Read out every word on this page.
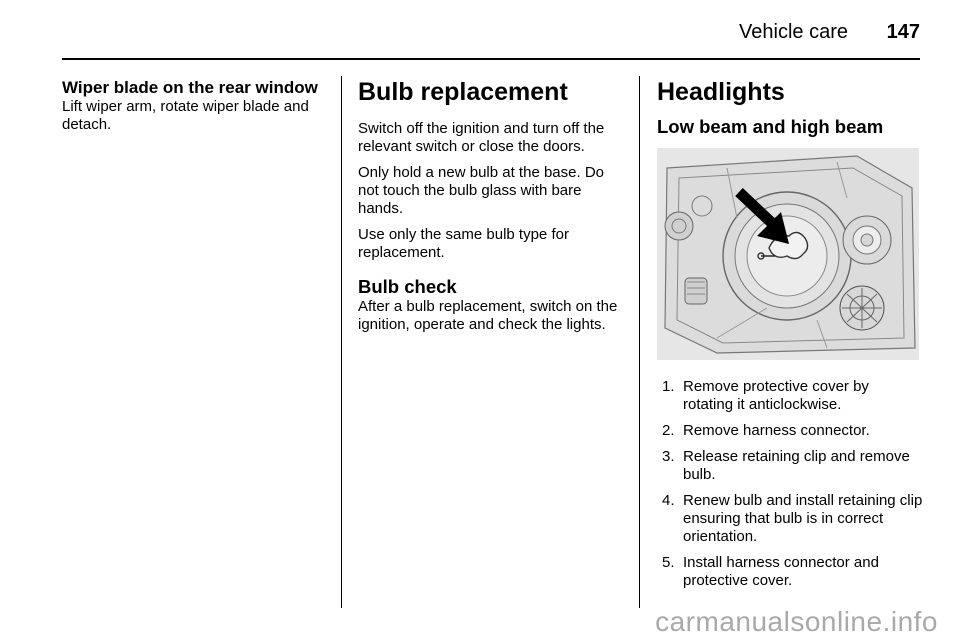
Vehicle care 147

Wiper blade on the rear window

Lift wiper arm, rotate wiper blade and detach.

Bulb replacement

Switch off the ignition and turn off the relevant switch or close the doors.

Only hold a new bulb at the base. Do not touch the bulb glass with bare hands.

Use only the same bulb type for replacement.

Bulb check

After a bulb replacement, switch on the ignition, operate and check the lights.

Headlights

Low beam and high beam

1. Remove protective cover by rotating it anticlockwise.
2. Remove harness connector.
3. Release retaining clip and remove bulb.
4. Renew bulb and install retaining clip ensuring that bulb is in correct orientation.
5. Install harness connector and protective cover.
carmanualsonline.info
